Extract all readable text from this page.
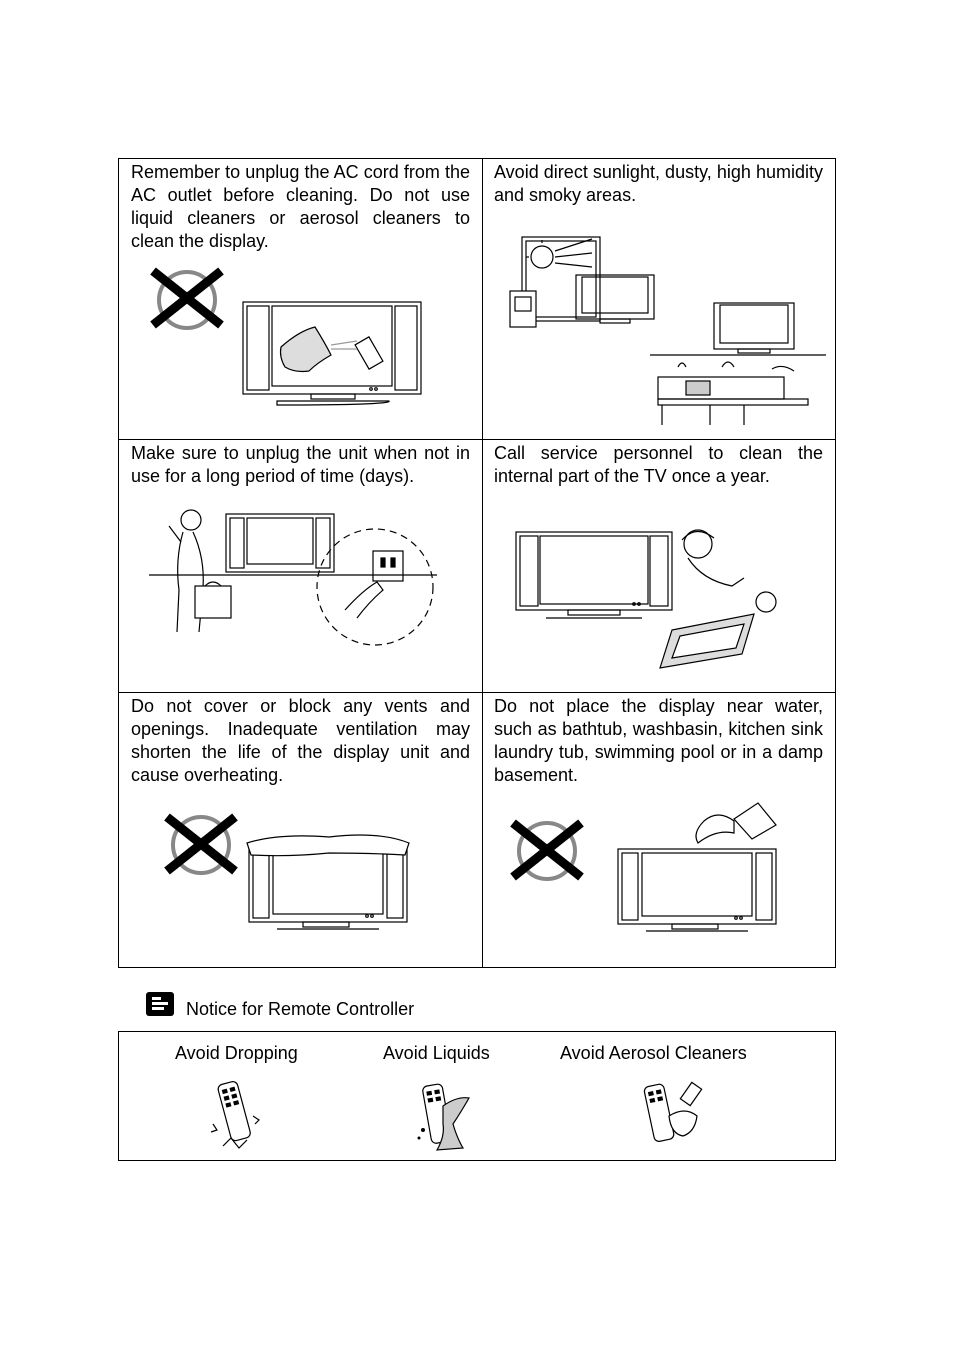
Remember to unplug the AC cord from the AC outlet before cleaning. Do not use liquid cleaners or aerosol cleaners to clean the display.
Avoid direct sunlight, dusty, high humidity and smoky areas.
Make sure to unplug the unit when not in use for a long period of time (days).
Call service personnel to clean the internal part of the TV once a year.
Do not cover or block any vents and openings. Inadequate ventilation may shorten the life of the display unit and cause overheating.
Do not place the display near water, such as bathtub, washbasin, kitchen sink laundry tub, swimming pool or in a damp basement.
Notice for Remote Controller
Avoid Dropping	Avoid Liquids	Avoid Aerosol Cleaners
